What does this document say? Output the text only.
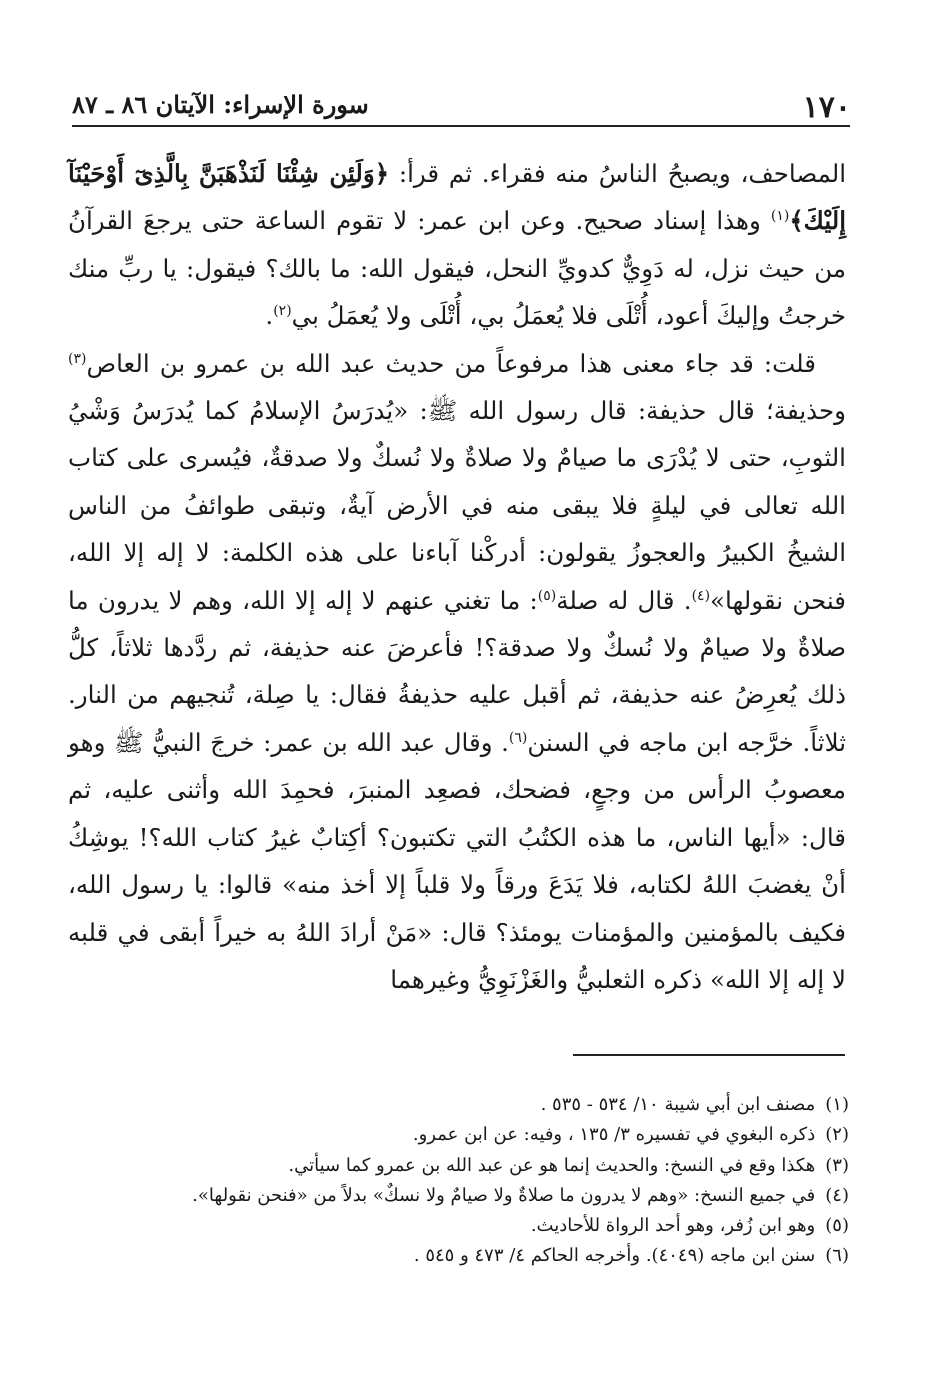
١٧٠
سورة الإسراء: الآيتان ٨٦ ـ ٨٧

المصاحف، ويصبحُ الناسُ منه فقراء. ثم قرأ: ﴿وَلَئِن شِئْنَا لَنَذْهَبَنَّ بِالَّذِىٓ أَوْحَيْنَآ إِلَيْكَ﴾$^{(١)}$ وهذا إسناد صحيح. وعن ابن عمر: لا تقوم الساعة حتى يرجعَ القرآنُ من حيث نزل، له دَوِيٌّ كدويِّ النحل، فيقول الله: ما بالك؟ فيقول: يا ربِّ منك خرجتُ وإليكَ أعود، أُتْلَى فلا يُعمَلُ بي، أُتْلَى ولا يُعمَلُ بي$^{(٢)}$.

قلت: قد جاء معنى هذا مرفوعاً من حديث عبد الله بن عمرو بن العاص$^{(٣)}$ وحذيفة؛ قال حذيفة: قال رسول الله ﷺ: «يُدرَسُ الإسلامُ كما يُدرَسُ وَشْيُ الثوبِ، حتى لا يُدْرَى ما صيامٌ ولا صلاةٌ ولا نُسكٌ ولا صدقةٌ، فيُسرى على كتاب الله تعالى في ليلةٍ فلا يبقى منه في الأرض آيةٌ، وتبقى طوائفُ من الناس الشيخُ الكبيرُ والعجوزُ يقولون: أدركْنا آباءنا على هذه الكلمة: لا إله إلا الله، فنحن نقولها»$^{(٤)}$. قال له صلة$^{(٥)}$: ما تغني عنهم لا إله إلا الله، وهم لا يدرون ما صلاةٌ ولا صيامٌ ولا نُسكٌ ولا صدقة؟! فأعرضَ عنه حذيفة، ثم ردَّدها ثلاثاً، كلُّ ذلك يُعرِضُ عنه حذيفة، ثم أقبل عليه حذيفةُ فقال: يا صِلة، تُنجيهم من النار. ثلاثاً. خرَّجه ابن ماجه في السنن$^{(٦)}$. وقال عبد الله بن عمر: خرجَ النبيُّ ﷺ وهو معصوبُ الرأس من وجعٍ، فضحك، فصعِد المنبرَ، فحمِدَ الله وأثنى عليه، ثم قال: «أيها الناس، ما هذه الكتُبُ التي تكتبون؟ أكِتابٌ غيرُ كتاب الله؟! يوشِكُ أنْ يغضبَ اللهُ لكتابه، فلا يَدَعَ ورقاً ولا قلباً إلا أخذ منه» قالوا: يا رسول الله، فكيف بالمؤمنين والمؤمنات يومئذ؟ قال: «مَنْ أرادَ اللهُ به خيراً أبقى في قلبه لا إله إلا الله» ذكره الثعلبيُّ والغَزْنَوِيُّ وغيرهما

(١)مصنف ابن أبي شيبة ١٠/ ٥٣٤ - ٥٣٥ .
(٢)ذكره البغوي في تفسيره ٣/ ١٣٥ ، وفيه: عن ابن عمرو.
(٣)هكذا وقع في النسخ: والحديث إنما هو عن عبد الله بن عمرو كما سيأتي.
(٤)في جميع النسخ: «وهم لا يدرون ما صلاةٌ ولا صيامٌ ولا نسكٌ» بدلاً من «فنحن نقولها».
(٥)وهو ابن زُفر، وهو أحد الرواة للأحاديث.
(٦)سنن ابن ماجه (٤٠٤٩). وأخرجه الحاكم ٤/ ٤٧٣ و ٥٤٥ .
